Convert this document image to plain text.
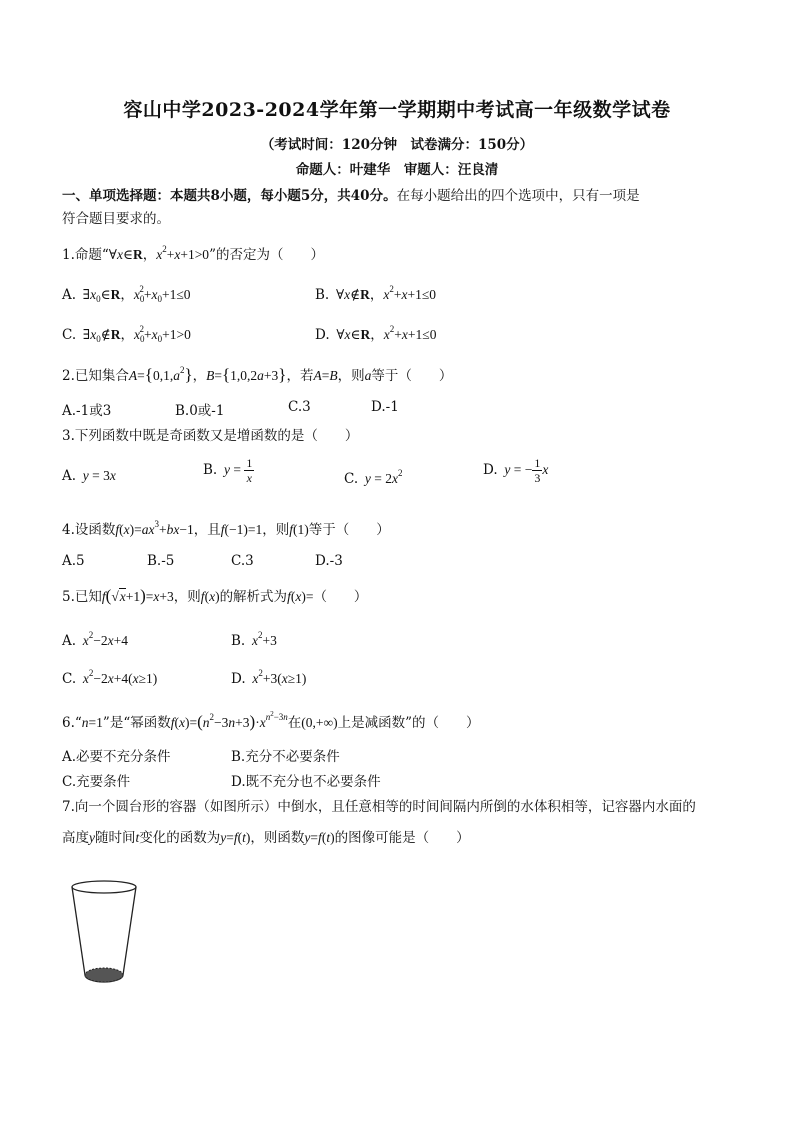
容山中学2023-2024学年第一学期期中考试高一年级数学试卷
（考试时间：120分钟　试卷满分：150分）
命题人：叶建华　审题人：汪良清
一、单项选择题：本题共8小题，每小题5分，共40分。在每小题给出的四个选项中，只有一项是
符合题目要求的。
1.命题“∀x∈R，$x^2+x+1>0$”的否定为（　　）
A.  $\exists x_0\in R$，$x_0^2+x_0+1\le 0$	B.  ∀x∉R，$x^2+x+1\le 0$
C.  $\exists x_0\notin R$，$x_0^2+x_0+1>0$	D.  ∀x∈R，$x^2+x+1\le 0$
2.已知集合$A=\{0,1,a^2\}$，B={1,0,2a+3}，若A=B，则a等于（　　）
A.-1或3	B.0或-1	C.3	D.-1
3.下列函数中既是奇函数又是增函数的是（　　）
A. y = 3x	B. $y = \frac{1}{x}$	C. $y = 2x^2$	D. y = − $\frac{1}{3}$ x
4.设函数$f(x)=ax^3+bx-1$，且f(−1)=1，则f(1)等于（　　）
A.5	B.-5	C.3	D.-3
5.已知f(√x+1)=x+3，则f(x)的解析式为f(x)=（　　）
A. $x^2-2x+4$	B. $x^2+3$
C. $x^2-2x+4(x\ge 1)$	D. $x^2+3(x\ge 1)$
6.“n=1”是“幂函数$f(x)=(n^2-3n+3)\cdot x^{n^2-3n}$在(0,+∞)上是减函数”的（　　）
A.必要不充分条件	B.充分不必要条件
C.充要条件	D.既不充分也不必要条件
7.向一个圆台形的容器（如图所示）中倒水，且任意相等的时间间隔内所倒的水体积相等，记容器内水面的
高度y随时间t变化的函数为y=f(t)，则函数y=f(t)的图像可能是（　　）
